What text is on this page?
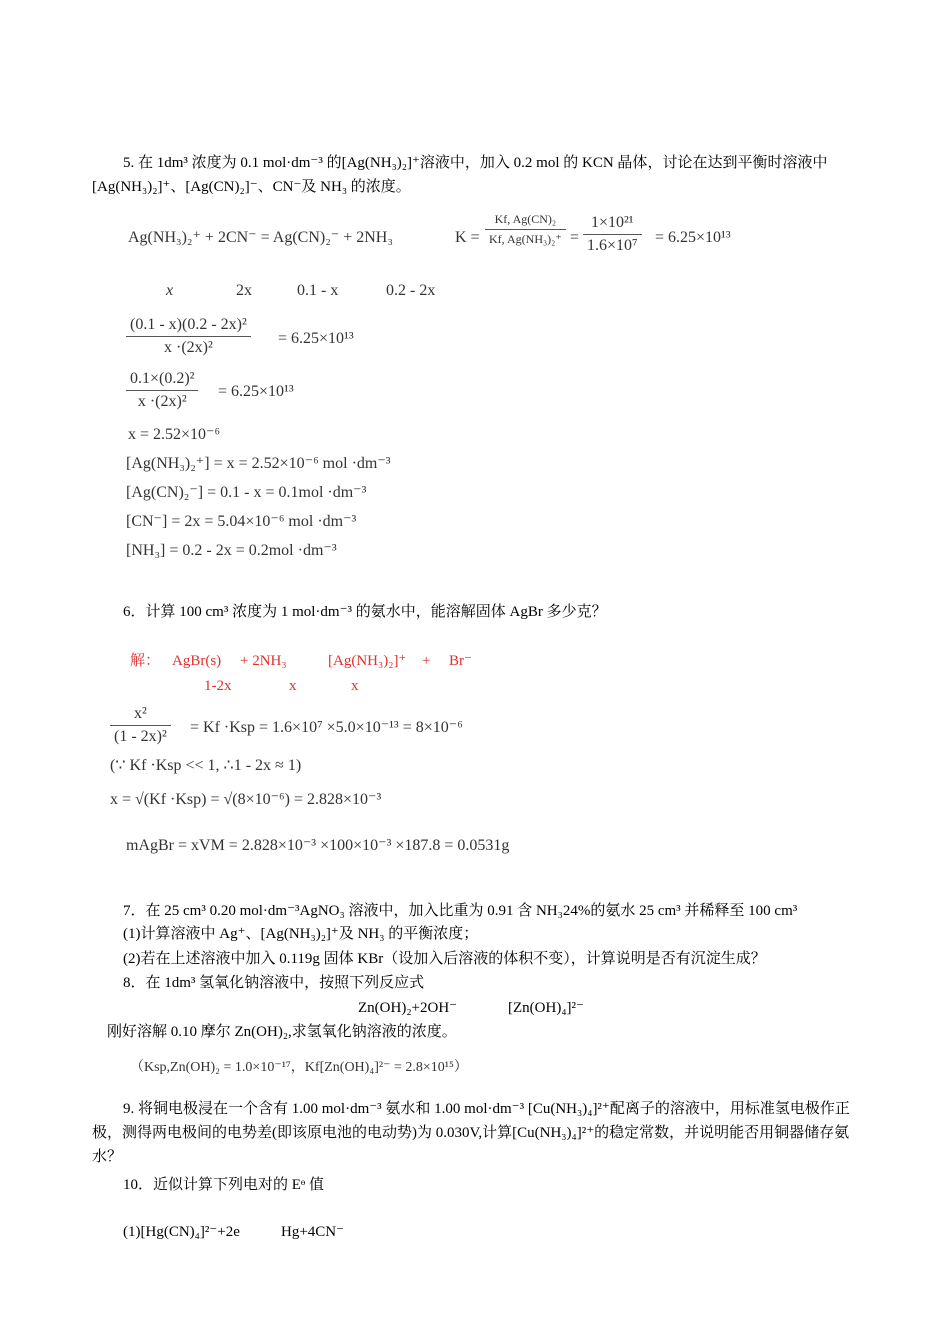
5. 在 1dm³ 浓度为 0.1 mol·dm⁻³ 的[Ag(NH₃)₂]⁺溶液中，加入 0.2 mol 的 KCN 晶体，讨论在达到平衡时溶液中[Ag(NH₃)₂]⁺、[Ag(CN)₂]⁻、CN⁻及 NH₃ 的浓度。
Ag(NH₃)₂⁺ + 2CN⁻ = Ag(CN)₂⁻ + 2NH₃	$K = \frac{\text{Kf, Ag(CN)₂}}{\text{Kf, Ag(NH₃)₂⁺}} = \frac{\text{1×10²¹}}{\text{1.6×10⁷}} = 6.25\times 10^{13}$
x	2x	0.1 - x	0.2 - 2x
$\frac{\text{(0.1 - x)(0.2 - 2x)²}}{\text{x ·(2x)²}} = 6.25\times 10^{13}$
$\frac{\text{0.1×(0.2)²}}{\text{x ·(2x)²}} = 6.25\times 10^{13}$
x = 2.52×10⁻⁶
[Ag(NH₃)₂⁺] = x = 2.52×10⁻⁶ mol ·dm⁻³
[Ag(CN)₂⁻] = 0.1 - x = 0.1mol ·dm⁻³
[CN⁻] = 2x = 5.04×10⁻⁶ mol ·dm⁻³
[NH₃] = 0.2 - 2x = 0.2mol ·dm⁻³
6．计算 100 cm³ 浓度为 1 mol·dm⁻³ 的氨水中，能溶解固体 AgBr 多少克？
解： AgBr(s) + 2NH₃	[Ag(NH₃)₂]⁺ + Br⁻
1-2x	x	x
$\frac{\text{x²}}{\text{(1 - 2x)²}} = Kf \cdot Ksp = 1.6\times 10^7 \times 5.0\times 10^{-13} = 8\times 10^{-6}$
(∵ Kf ·Ksp << 1, ∴1 - 2x ≈ 1)
x = √(Kf ·Ksp) = √(8×10⁻⁶) = 2.828×10⁻³
mAgBr = xVM = 2.828×10⁻³ ×100×10⁻³ ×187.8 = 0.0531g
7．在 25 cm³ 0.20 mol·dm⁻³AgNO₃ 溶液中，加入比重为 0.91 含 NH₃24%的氨水 25 cm³ 并稀释至 100 cm³
(1)计算溶液中 Ag⁺、[Ag(NH₃)₂]⁺及 NH₃ 的平衡浓度；
(2)若在上述溶液中加入 0.119g 固体 KBr（设加入后溶液的体积不变），计算说明是否有沉淀生成？
8．在 1dm³ 氢氧化钠溶液中，按照下列反应式
Zn(OH)₂+2OH⁻	[Zn(OH)₄]²⁻
刚好溶解 0.10 摩尔 Zn(OH)₂,求氢氧化钠溶液的浓度。
（Ksp,Zn(OH)₂ = 1.0×10⁻¹⁷，Kf[Zn(OH)₄]²⁻ = 2.8×10¹⁵）
9. 将铜电极浸在一个含有 1.00 mol·dm⁻³ 氨水和 1.00 mol·dm⁻³ [Cu(NH₃)₄]²⁺配离子的溶液中，用标准氢电极作正极，测得两电极间的电势差(即该原电池的电动势)为 0.030V,计算[Cu(NH₃)₄]²⁺的稳定常数，并说明能否用铜器储存氨水？
10．近似计算下列电对的 Eᶱ 值
(1)[Hg(CN)₄]²⁻+2e	Hg+4CN⁻
